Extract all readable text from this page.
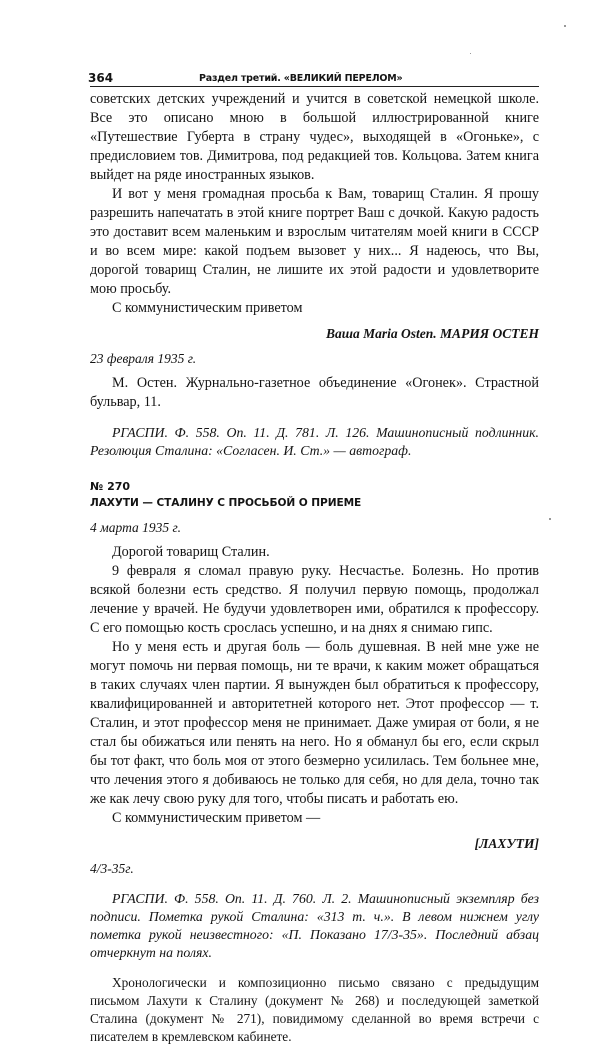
364	Раздел третий. «ВЕЛИКИЙ ПЕРЕЛОМ»

советских детских учреждений и учится в советской немецкой школе. Все это описано мною в большой иллюстрированной книге «Путешествие Губерта в страну чудес», выходящей в «Огоньке», с предисловием тов. Димитрова, под редакцией тов. Кольцова. Затем книга выйдет на ряде иностранных языков.

И вот у меня громадная просьба к Вам, товарищ Сталин. Я прошу разрешить напечатать в этой книге портрет Ваш с дочкой. Какую радость это доставит всем маленьким и взрослым читателям моей книги в СССР и во всем мире: какой подъем вызовет у них... Я надеюсь, что Вы, дорогой товарищ Сталин, не лишите их этой радости и удовлетворите мою просьбу.

С коммунистическим приветом

Ваша Maria Osten. МАРИЯ ОСТЕН

23 февраля 1935 г.

М. Остен. Журнально-газетное объединение «Огонек». Страстной бульвар, 11.

РГАСПИ. Ф. 558. Оп. 11. Д. 781. Л. 126. Машинописный подлинник. Резолюция Сталина: «Согласен. И. Ст.» — автограф.

№ 270

ЛАХУТИ — СТАЛИНУ С ПРОСЬБОЙ О ПРИЕМЕ

4 марта 1935 г.

Дорогой товарищ Сталин.

9 февраля я сломал правую руку. Несчастье. Болезнь. Но против всякой болезни есть средство. Я получил первую помощь, продолжал лечение у врачей. Не будучи удовлетворен ими, обратился к профессору. С его помощью кость срослась успешно, и на днях я снимаю гипс.

Но у меня есть и другая боль — боль душевная. В ней мне уже не могут помочь ни первая помощь, ни те врачи, к каким может обращаться в таких случаях член партии. Я вынужден был обратиться к профессору, квалифицированней и авторитетней которого нет. Этот профессор — т. Сталин, и этот профессор меня не принимает. Даже умирая от боли, я не стал бы обижаться или пенять на него. Но я обманул бы его, если скрыл бы тот факт, что боль моя от этого безмерно усилилась. Тем больнее мне, что лечения этого я добиваюсь не только для себя, но для дела, точно так же как лечу свою руку для того, чтобы писать и работать ею.

С коммунистическим приветом —

[ЛАХУТИ]

4/3-35г.

РГАСПИ. Ф. 558. Оп. 11. Д. 760. Л. 2. Машинописный экземпляр без подписи. Пометка рукой Сталина: «313 т. ч.». В левом нижнем углу пометка рукой неизвестного: «П. Показано 17/3-35». Последний абзац отчеркнут на полях.

Хронологически и композиционно письмо связано с предыдущим письмом Лахути к Сталину (документ № 268) и последующей заметкой Сталина (документ № 271), повидимому сделанной во время встречи с писателем в кремлевском кабинете.
